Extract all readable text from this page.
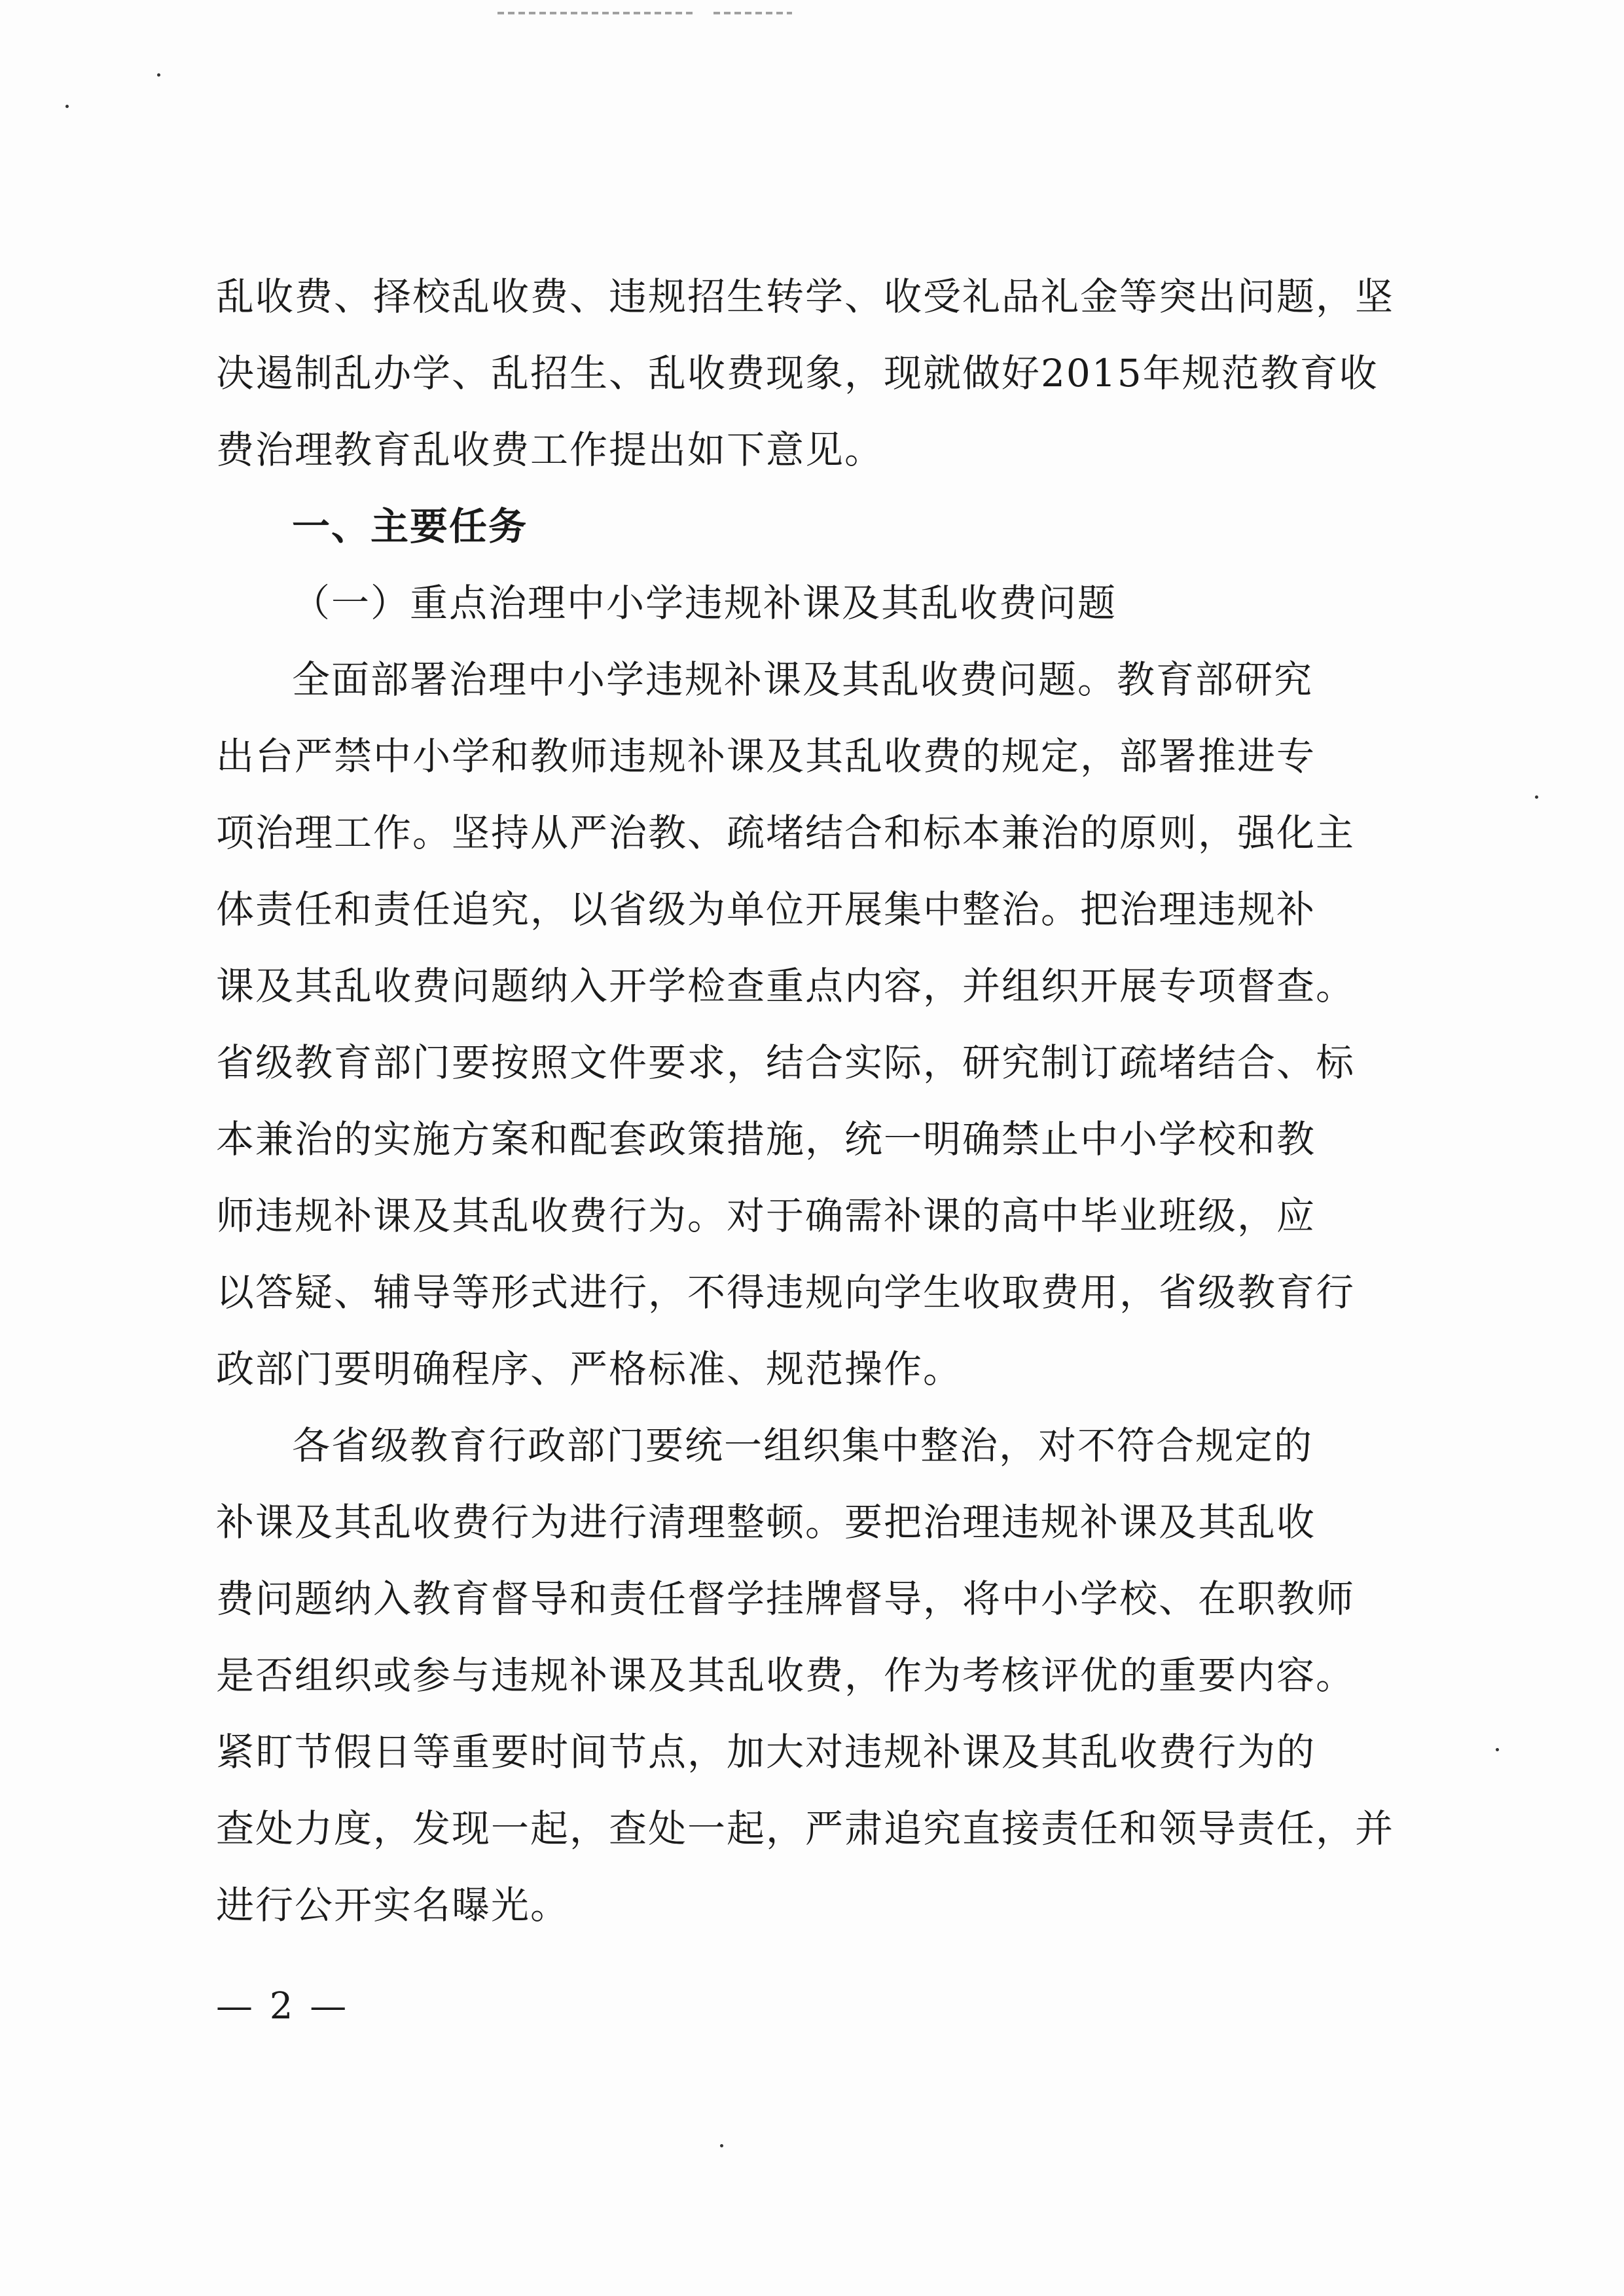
乱收费、择校乱收费、违规招生转学、收受礼品礼金等突出问题，坚
决遏制乱办学、乱招生、乱收费现象，现就做好2015年规范教育收
费治理教育乱收费工作提出如下意见。
一、主要任务
（一）重点治理中小学违规补课及其乱收费问题
全面部署治理中小学违规补课及其乱收费问题。教育部研究
出台严禁中小学和教师违规补课及其乱收费的规定，部署推进专
项治理工作。坚持从严治教、疏堵结合和标本兼治的原则，强化主
体责任和责任追究，以省级为单位开展集中整治。把治理违规补
课及其乱收费问题纳入开学检查重点内容，并组织开展专项督查。
省级教育部门要按照文件要求，结合实际，研究制订疏堵结合、标
本兼治的实施方案和配套政策措施，统一明确禁止中小学校和教
师违规补课及其乱收费行为。对于确需补课的高中毕业班级，应
以答疑、辅导等形式进行，不得违规向学生收取费用，省级教育行
政部门要明确程序、严格标准、规范操作。
各省级教育行政部门要统一组织集中整治，对不符合规定的
补课及其乱收费行为进行清理整顿。要把治理违规补课及其乱收
费问题纳入教育督导和责任督学挂牌督导，将中小学校、在职教师
是否组织或参与违规补课及其乱收费，作为考核评优的重要内容。
紧盯节假日等重要时间节点，加大对违规补课及其乱收费行为的
查处力度，发现一起，查处一起，严肃追究直接责任和领导责任，并
进行公开实名曝光。
— 2 —
